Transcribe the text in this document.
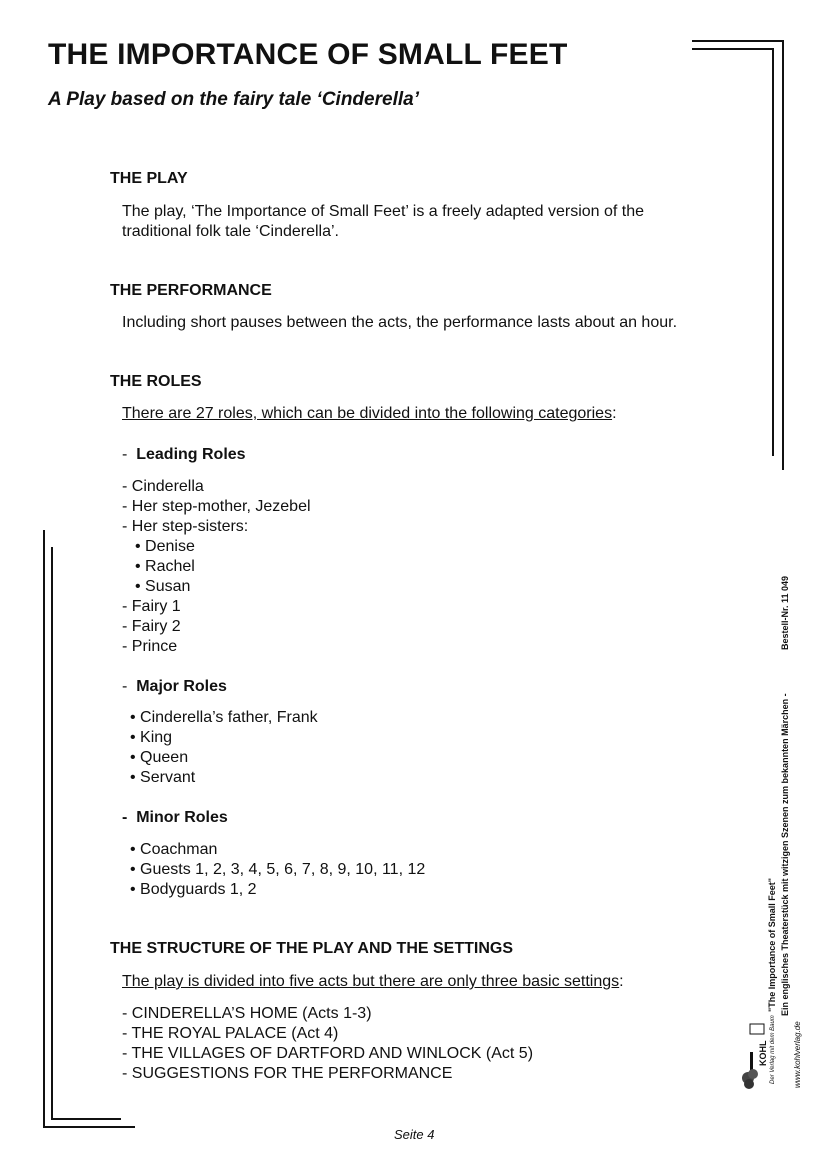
THE IMPORTANCE OF SMALL FEET
A Play based on the fairy tale ‘Cinderella’
THE PLAY
The play, ‘The Importance of Small Feet’ is a freely adapted version of the
traditional folk tale ‘Cinderella’.
THE PERFORMANCE
Including short pauses between the acts, the performance lasts about an hour.
THE ROLES
There are 27 roles, which can be divided into the following categories:
-  Leading Roles
- Cinderella
- Her step-mother, Jezebel
- Her step-sisters:
• Denise
• Rachel
• Susan
- Fairy 1
- Fairy 2
- Prince
-  Major Roles
• Cinderella’s father, Frank
• King
• Queen
• Servant
-  Minor Roles
• Coachman
• Guests 1, 2, 3, 4, 5, 6, 7, 8, 9, 10, 11, 12
• Bodyguards 1, 2
THE STRUCTURE OF THE PLAY AND THE SETTINGS
The play is divided into five acts but there are only three basic settings:
- CINDERELLA’S HOME (Acts 1-3)
- THE ROYAL PALACE (Act 4)
- THE VILLAGES OF DARTFORD AND WINLOCK (Act 5)
- SUGGESTIONS FOR THE PERFORMANCE
Bestell-Nr. 11 049
"The Importance of Small Feet" Ein englisches Theaterstück mit witzigen Szenen zum bekannten Märchen -
www.kohlverlag.de
KOHL Der Verlag mit dem Baum
Seite 4
